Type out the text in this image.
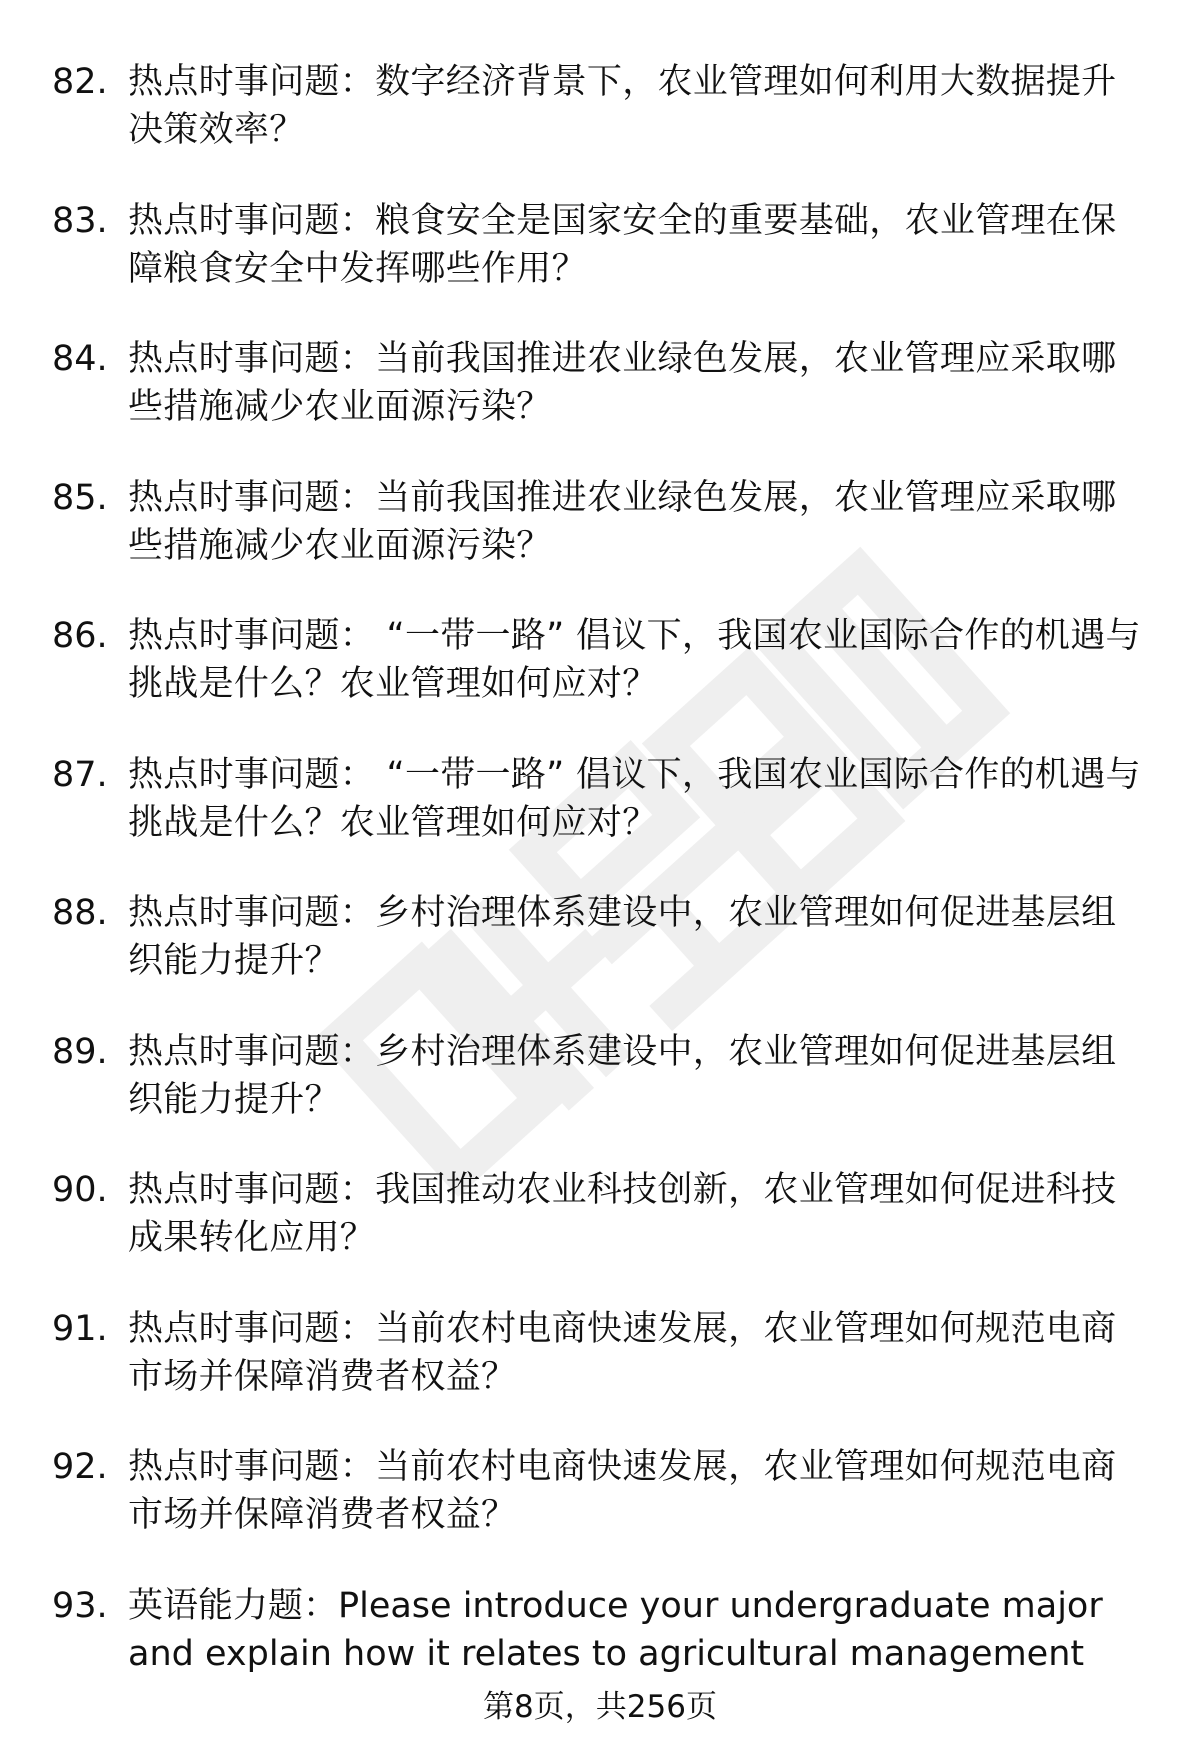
82. 热点时事问题：数字经济背景下，农业管理如何利用大数据提升决策效率？
83. 热点时事问题：粮食安全是国家安全的重要基础，农业管理在保障粮食安全中发挥哪些作用？
84. 热点时事问题：当前我国推进农业绿色发展，农业管理应采取哪些措施减少农业面源污染？
85. 热点时事问题：当前我国推进农业绿色发展，农业管理应采取哪些措施减少农业面源污染？
86. 热点时事问题： “一带一路” 倡议下，我国农业国际合作的机遇与挑战是什么？农业管理如何应对？
87. 热点时事问题： “一带一路” 倡议下，我国农业国际合作的机遇与挑战是什么？农业管理如何应对？
88. 热点时事问题：乡村治理体系建设中，农业管理如何促进基层组织能力提升？
89. 热点时事问题：乡村治理体系建设中，农业管理如何促进基层组织能力提升？
90. 热点时事问题：我国推动农业科技创新，农业管理如何促进科技成果转化应用？
91. 热点时事问题：当前农村电商快速发展，农业管理如何规范电商市场并保障消费者权益？
92. 热点时事问题：当前农村电商快速发展，农业管理如何规范电商市场并保障消费者权益？
93. 英语能力题：Please introduce your undergraduate major and explain how it relates to agricultural management
第8页，共256页
